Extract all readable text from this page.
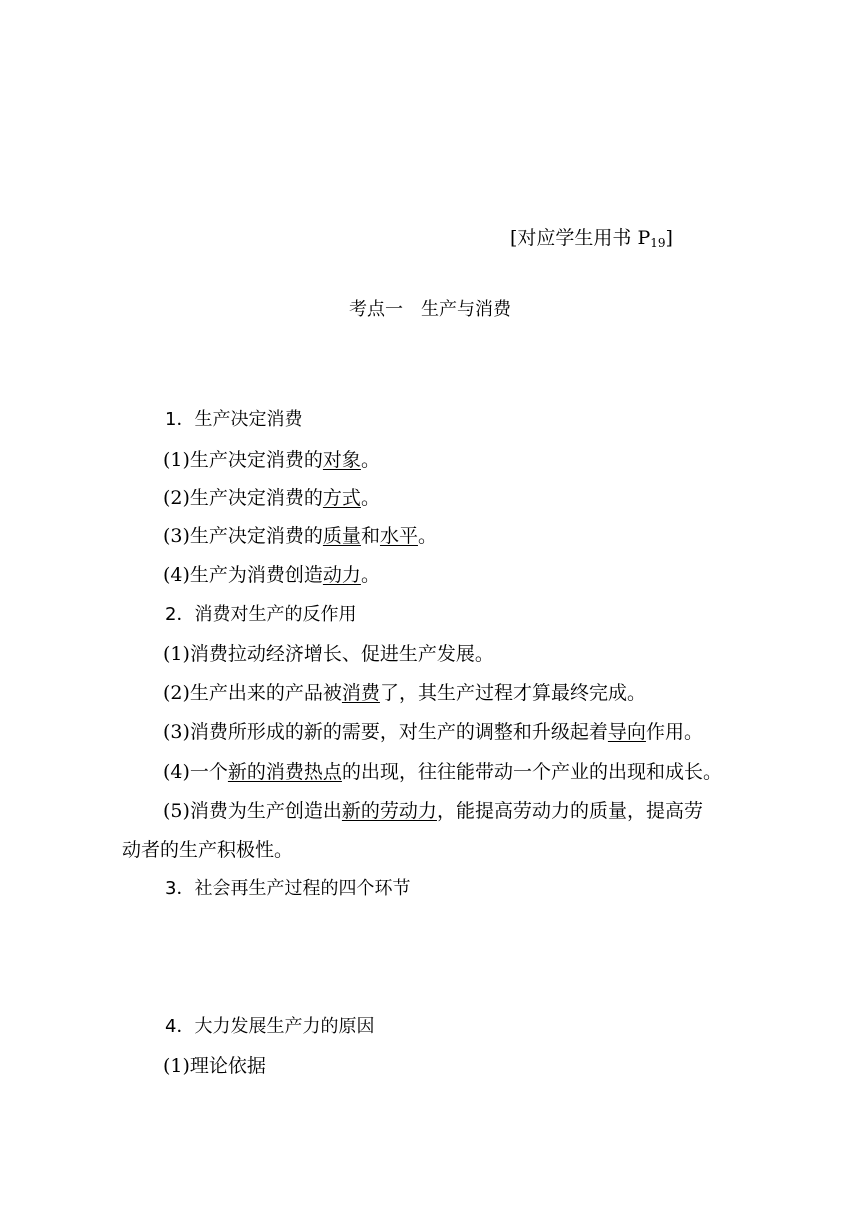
[对应学生用书 $P_{19}$]
考点一　生产与消费
1．生产决定消费
(1)生产决定消费的对象。
(2)生产决定消费的方式。
(3)生产决定消费的质量和水平。
(4)生产为消费创造动力。
2．消费对生产的反作用
(1)消费拉动经济增长、促进生产发展。
(2)生产出来的产品被消费了，其生产过程才算最终完成。
(3)消费所形成的新的需要，对生产的调整和升级起着导向作用。
(4)一个新的消费热点的出现，往往能带动一个产业的出现和成长。
(5)消费为生产创造出新的劳动力，能提高劳动力的质量，提高劳
动者的生产积极性。
3．社会再生产过程的四个环节
4．大力发展生产力的原因
(1)理论依据
